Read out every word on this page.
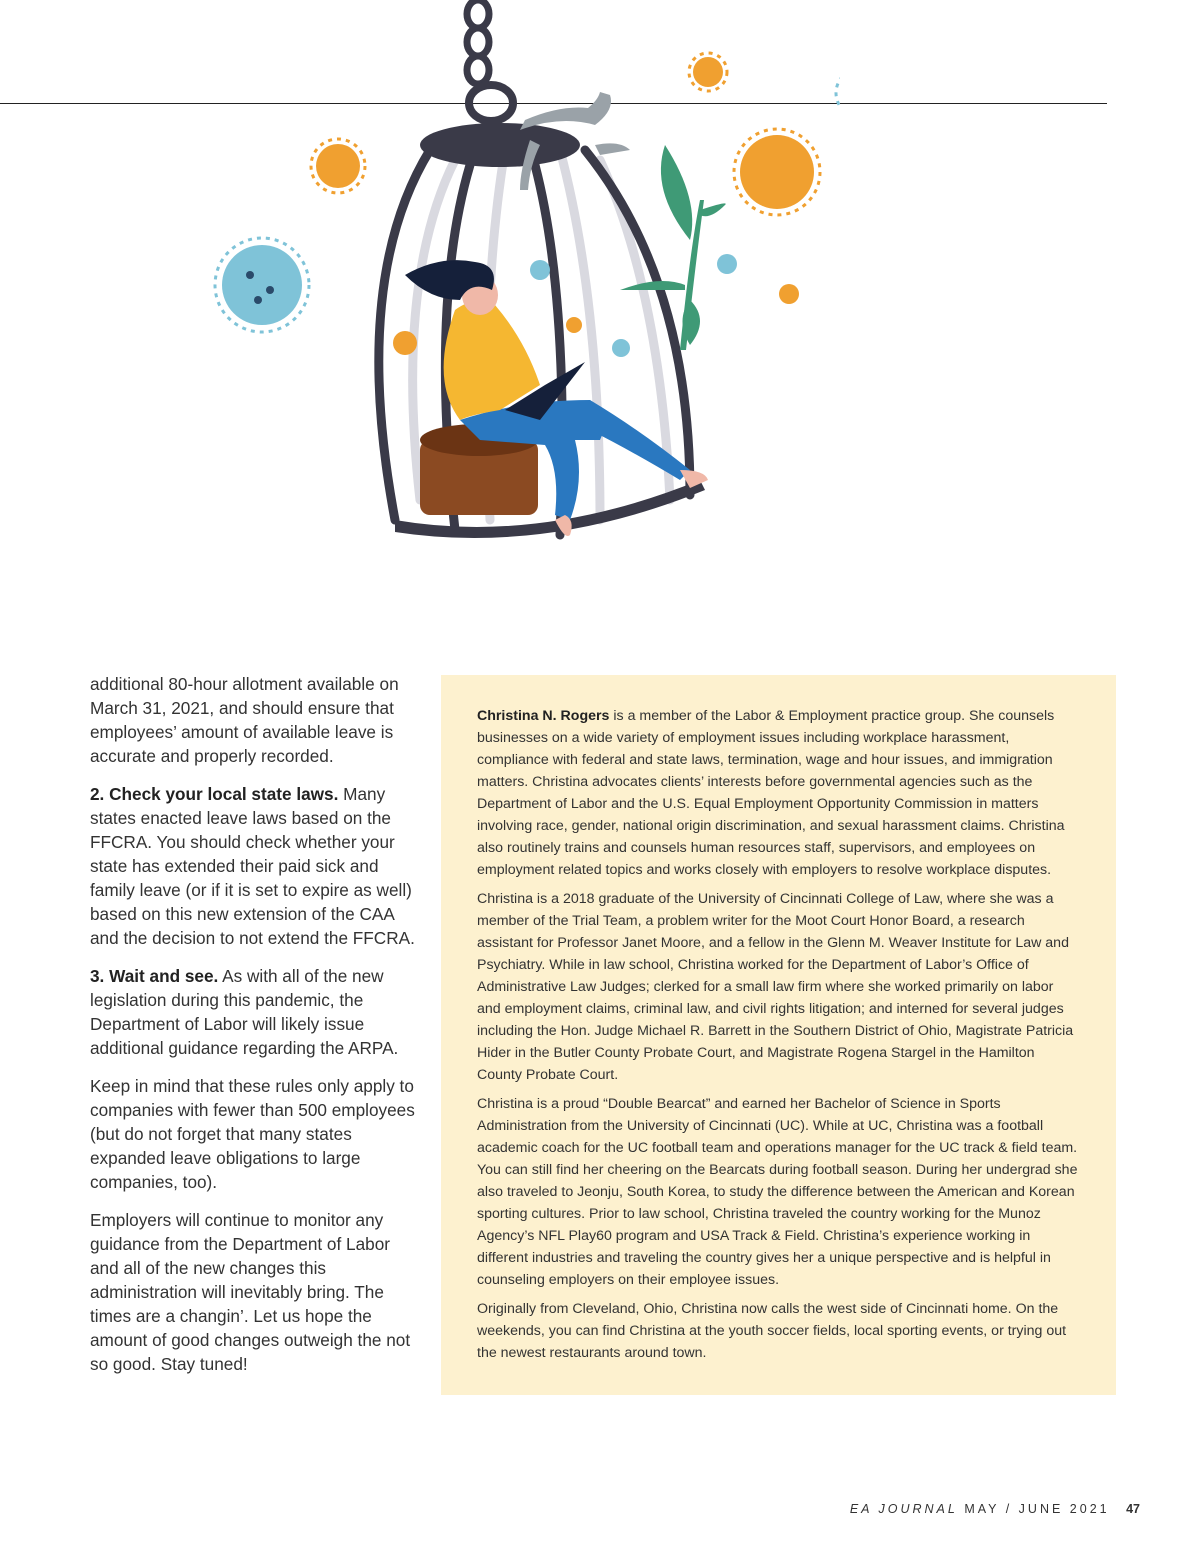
additional 80-hour allotment available on March 31, 2021, and should ensure that employees’ amount of available leave is accurate and properly recorded.

2. Check your local state laws. Many states enacted leave laws based on the FFCRA. You should check whether your state has extended their paid sick and family leave (or if it is set to expire as well) based on this new extension of the CAA and the decision to not extend the FFCRA.

3. Wait and see. As with all of the new legislation during this pandemic, the Department of Labor will likely issue additional guidance regarding the ARPA.

Keep in mind that these rules only apply to companies with fewer than 500 employees (but do not forget that many states expanded leave obligations to large companies, too).

Employers will continue to monitor any guidance from the Department of Labor and all of the new changes this administration will inevitably bring. The times are a changin’. Let us hope the amount of good changes outweigh the not so good. Stay tuned!

Christina N. Rogers is a member of the Labor & Employment practice group. She counsels businesses on a wide variety of employment issues including workplace harassment, compliance with federal and state laws, termination, wage and hour issues, and immigration matters. Christina advocates clients’ interests before governmental agencies such as the Department of Labor and the U.S. Equal Employment Opportunity Commission in matters involving race, gender, national origin discrimination, and sexual harassment claims. Christina also routinely trains and counsels human resources staff, supervisors, and employees on employment related topics and works closely with employers to resolve workplace disputes.

Christina is a 2018 graduate of the University of Cincinnati College of Law, where she was a member of the Trial Team, a problem writer for the Moot Court Honor Board, a research assistant for Professor Janet Moore, and a fellow in the Glenn M. Weaver Institute for Law and Psychiatry. While in law school, Christina worked for the Department of Labor’s Office of Administrative Law Judges; clerked for a small law firm where she worked primarily on labor and employment claims, criminal law, and civil rights litigation; and interned for several judges including the Hon. Judge Michael R. Barrett in the Southern District of Ohio, Magistrate Patricia Hider in the Butler County Probate Court, and Magistrate Rogena Stargel in the Hamilton County Probate Court.

Christina is a proud “Double Bearcat” and earned her Bachelor of Science in Sports Administration from the University of Cincinnati (UC). While at UC, Christina was a football academic coach for the UC football team and operations manager for the UC track & field team. You can still find her cheering on the Bearcats during football season. During her undergrad she also traveled to Jeonju, South Korea, to study the difference between the American and Korean sporting cultures. Prior to law school, Christina traveled the country working for the Munoz Agency’s NFL Play60 program and USA Track & Field. Christina’s experience working in different industries and traveling the country gives her a unique perspective and is helpful in counseling employers on their employee issues.

Originally from Cleveland, Ohio, Christina now calls the west side of Cincinnati home. On the weekends, you can find Christina at the youth soccer fields, local sporting events, or trying out the newest restaurants around town.

EA JOURNAL MAY / JUNE 2021 47
